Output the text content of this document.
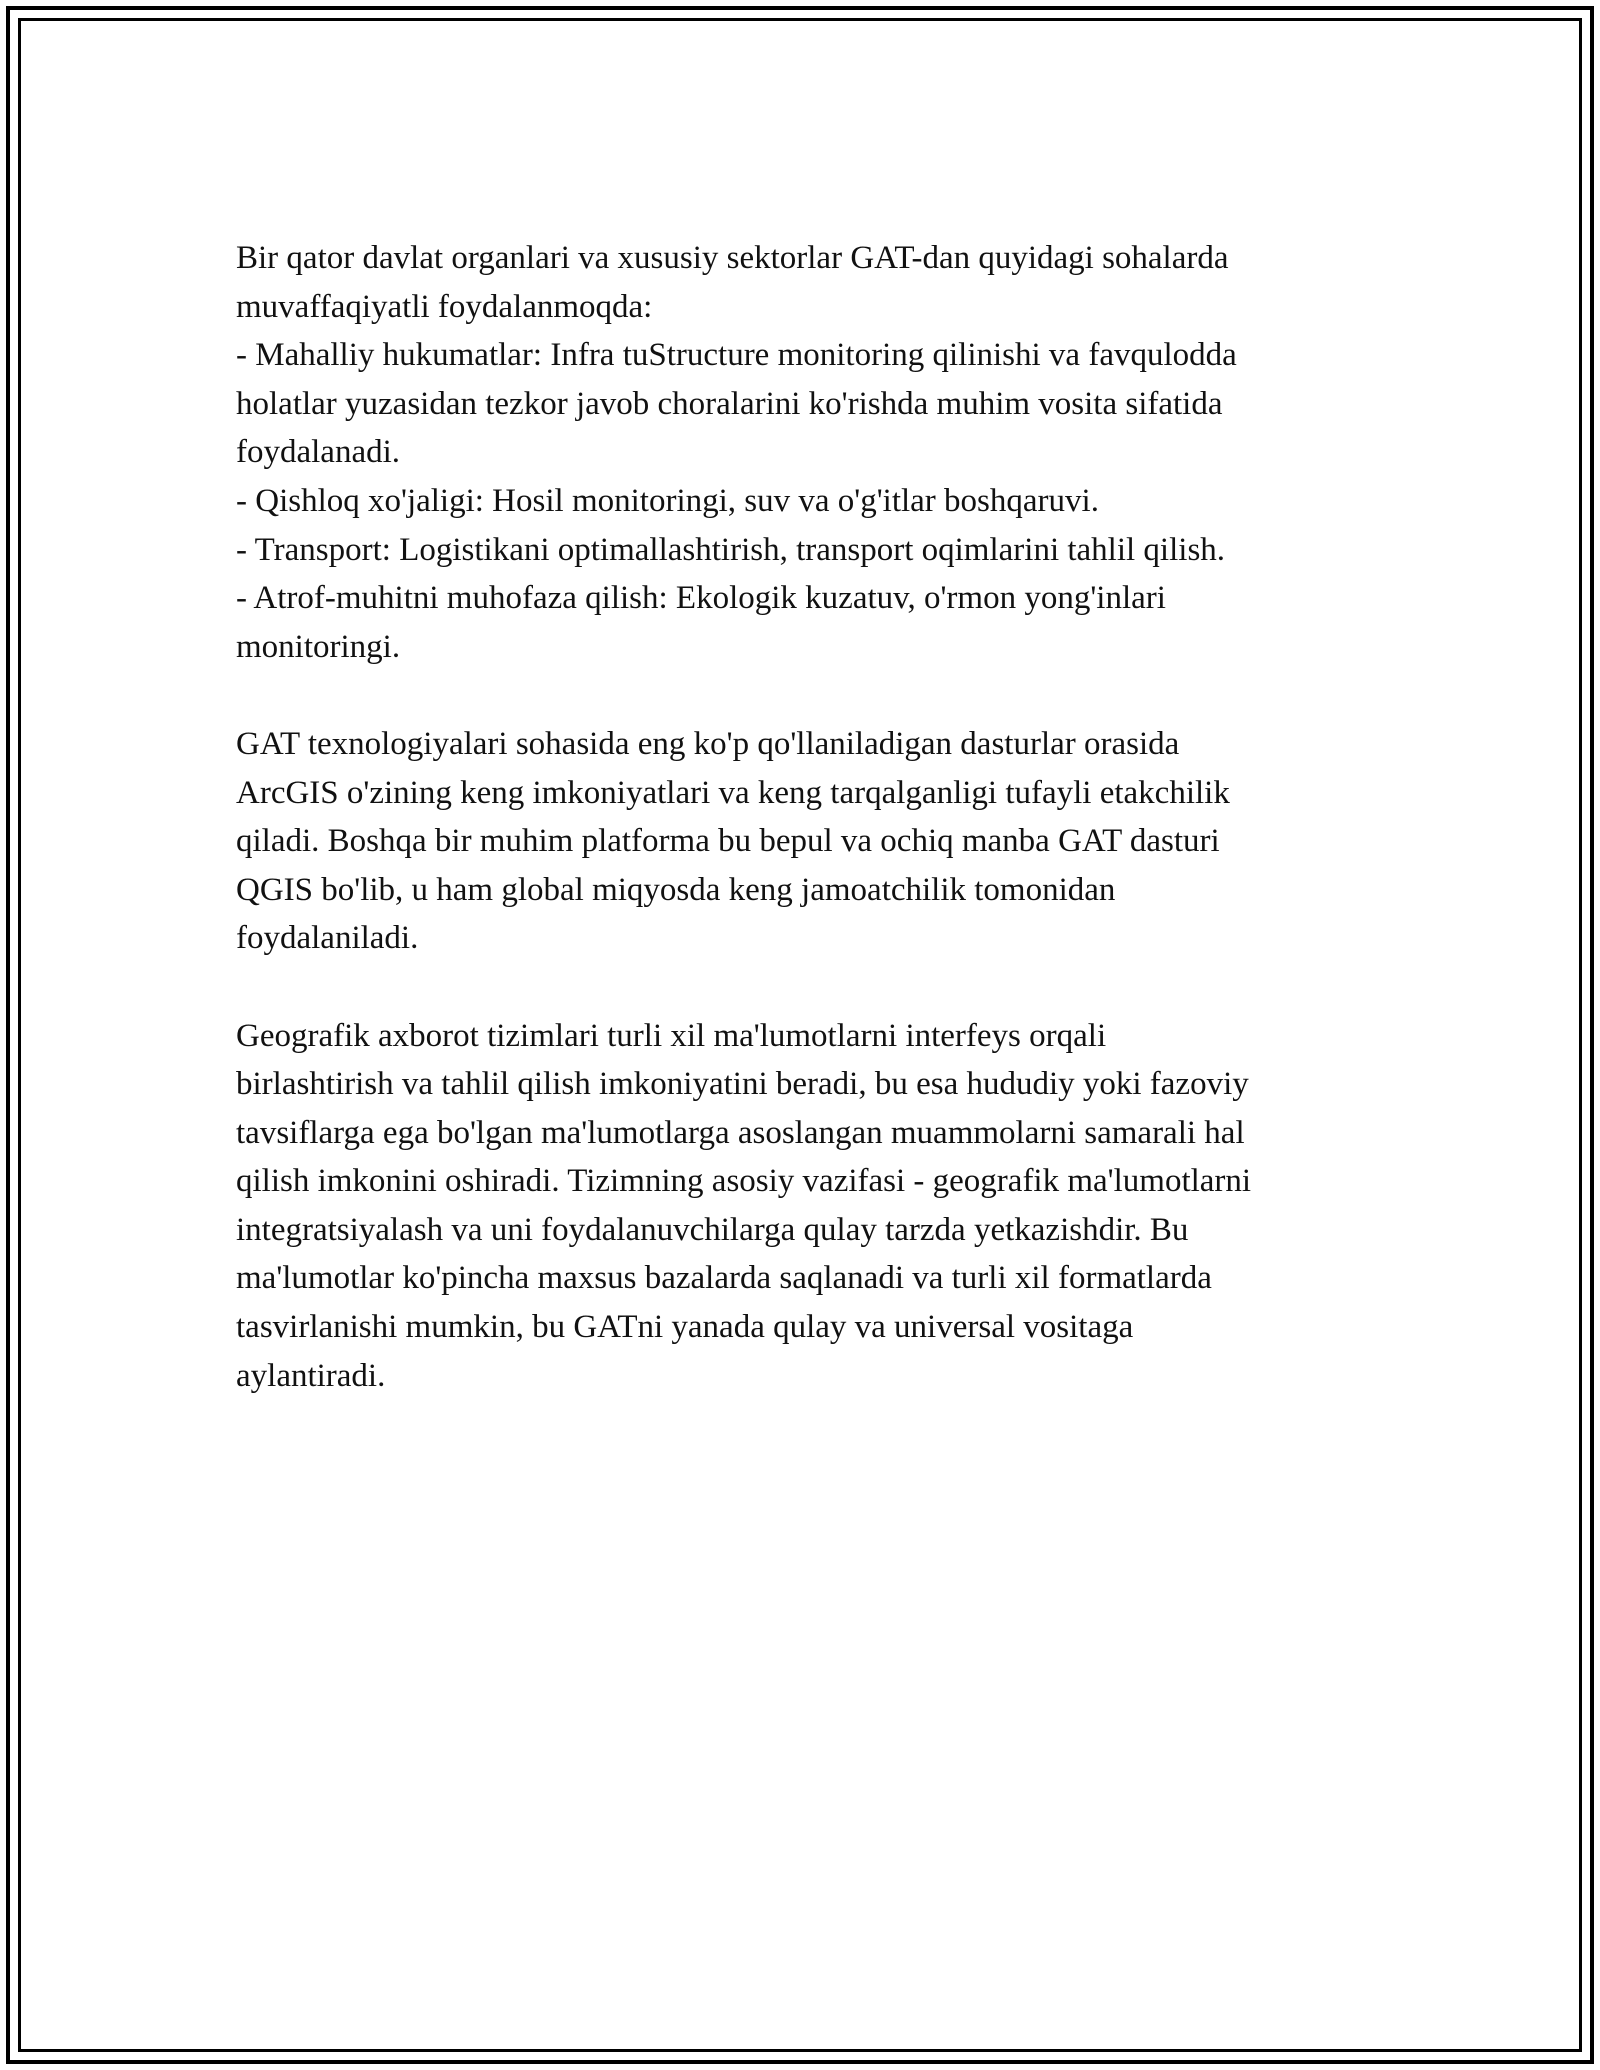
Bir qator davlat organlari va xususiy sektorlar GAT-dan quyidagi sohalarda
muvaffaqiyatli foydalanmoqda:
- Mahalliy hukumatlar: Infra tuStructure monitoring qilinishi va favqulodda
holatlar yuzasidan tezkor javob choralarini ko'rishda muhim vosita sifatida
foydalanadi.
- Qishloq xo'jaligi: Hosil monitoringi, suv va o'g'itlar boshqaruvi.
- Transport: Logistikani optimallashtirish, transport oqimlarini tahlil qilish.
- Atrof-muhitni muhofaza qilish: Ekologik kuzatuv, o'rmon yong'inlari
monitoringi.
GAT texnologiyalari sohasida eng ko'p qo'llaniladigan dasturlar orasida
ArcGIS o'zining keng imkoniyatlari va keng tarqalganligi tufayli etakchilik
qiladi. Boshqa bir muhim platforma bu bepul va ochiq manba GAT dasturi
QGIS bo'lib, u ham global miqyosda keng jamoatchilik tomonidan
foydalaniladi.
Geografik axborot tizimlari turli xil ma'lumotlarni interfeys orqali
birlashtirish va tahlil qilish imkoniyatini beradi, bu esa hududiy yoki fazoviy
tavsiflarga ega bo'lgan ma'lumotlarga asoslangan muammolarni samarali hal
qilish imkonini oshiradi. Tizimning asosiy vazifasi - geografik ma'lumotlarni
integratsiyalash va uni foydalanuvchilarga qulay tarzda yetkazishdir. Bu
ma'lumotlar ko'pincha maxsus bazalarda saqlanadi va turli xil formatlarda
tasvirlanishi mumkin, bu GATni yanada qulay va universal vositaga
aylantiradi.
